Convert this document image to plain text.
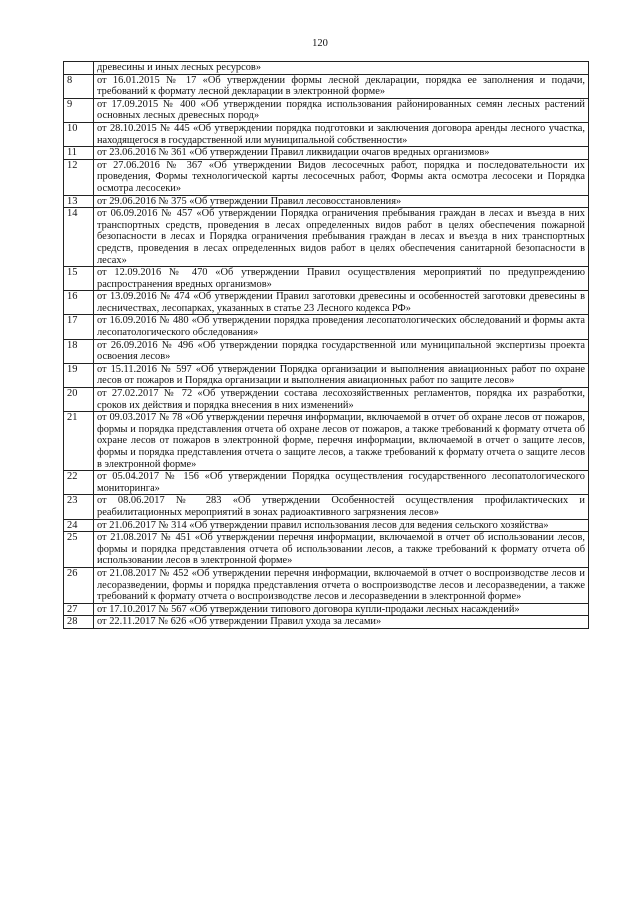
120
	древесины и иных лесных ресурсов»
8	от 16.01.2015 № 17 «Об утверждении формы лесной декларации, порядка ее заполнения и подачи, требований к формату лесной декларации в электронной форме»
9	от 17.09.2015 № 400 «Об утверждении порядка использования районированных семян лесных растений основных лесных древесных пород»
10	от 28.10.2015 № 445 «Об утверждении порядка подготовки и заключения договора аренды лесного участка, находящегося в государственной или муниципальной собственности»
11	от 23.06.2016 № 361 «Об утверждении Правил ликвидации очагов вредных организмов»
12	от 27.06.2016 № 367 «Об утверждении Видов лесосечных работ, порядка и последовательности их проведения, Формы технологической карты лесосечных работ, Формы акта осмотра лесосеки и Порядка осмотра лесосеки»
13	от 29.06.2016 № 375 «Об утверждении Правил лесовосстановления»
14	от 06.09.2016 № 457 «Об утверждении Порядка ограничения пребывания граждан в лесах и въезда в них транспортных средств, проведения в лесах определенных видов работ в целях обеспечения пожарной безопасности в лесах и Порядка ограничения пребывания граждан в лесах и въезда в них транспортных средств, проведения в лесах определенных видов работ в целях обеспечения санитарной безопасности в лесах»
15	от 12.09.2016 № 470 «Об утверждении Правил осуществления мероприятий по предупреждению распространения вредных организмов»
16	от 13.09.2016 № 474 «Об утверждении Правил заготовки древесины и особенностей заготовки древесины в лесничествах, лесопарках, указанных в статье 23 Лесного кодекса РФ»
17	от 16.09.2016 № 480 «Об утверждении порядка проведения лесопатологических обследований и формы акта лесопатологического обследования»
18	от 26.09.2016 № 496 «Об утверждении порядка государственной или муниципальной экспертизы проекта освоения лесов»
19	от 15.11.2016 № 597 «Об утверждении Порядка организации и выполнения авиационных работ по охране лесов от пожаров и Порядка организации и выполнения авиационных работ по защите лесов»
20	от 27.02.2017 № 72 «Об утверждении состава лесохозяйственных регламентов, порядка их разработки, сроков их действия и порядка внесения в них изменений»
21	от 09.03.2017 № 78 «Об утверждении перечня информации, включаемой в отчет об охране лесов от пожаров, формы и порядка представления отчета об охране лесов от пожаров, а также требований к формату отчета об охране лесов от пожаров в электронной форме, перечня информации, включаемой в отчет о защите лесов, формы и порядка представления отчета о защите лесов, а также требований к формату отчета о защите лесов в электронной форме»
22	от 05.04.2017 № 156 «Об утверждении Порядка осуществления государственного лесопатологического мониторинга»
23	от 08.06.2017 № 283 «Об утверждении Особенностей осуществления профилактических и реабилитационных мероприятий в зонах радиоактивного загрязнения лесов»
24	от 21.06.2017 № 314 «Об утверждении правил использования лесов для ведения сельского хозяйства»
25	от 21.08.2017 № 451 «Об утверждении перечня информации, включаемой в отчет об использовании лесов, формы и порядка представления отчета об использовании лесов, а также требований к формату отчета об использовании лесов в электронной форме»
26	от 21.08.2017 № 452 «Об утверждении перечня информации, включаемой в отчет о воспроизводстве лесов и лесоразведении, формы и порядка представления отчета о воспроизводстве лесов и лесоразведении, а также требований к формату отчета о воспроизводстве лесов и лесоразведении в электронной форме»
27	от 17.10.2017 № 567 «Об утверждении типового договора купли-продажи лесных насаждений»
28	от 22.11.2017 № 626 «Об утверждении Правил ухода за лесами»
